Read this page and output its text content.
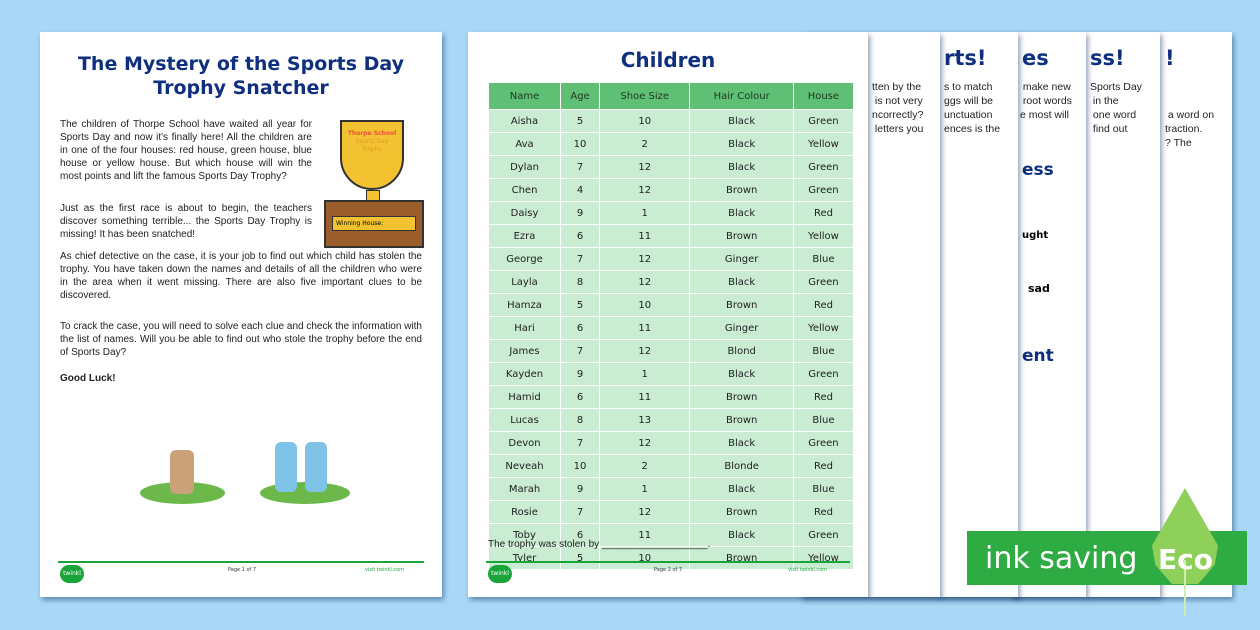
!

a word on
traction.
? The
ss!
Sports Day
in the
one word
find out
es
make new
root words
e most will
ess
ught
sad
ent
rts!
s to match
ggs will be
unctuation
ences is the
tten by the
is not very
ncorrectly?
letters you
The Mystery of the Sports Day
Trophy Snatcher
The children of Thorpe School have waited all year for Sports Day and now it's finally here! All the children are in one of the four houses: red house, green house, blue house or yellow house. But which house will win the most points and lift the famous Sports Day Trophy?
Just as the first race is about to begin, the teachers discover something terrible... the Sports Day Trophy is missing! It has been snatched!
As chief detective on the case, it is your job to find out which child has stolen the trophy. You have taken down the names and details of all the children who were in the area when it went missing. There are also five important clues to be discovered.
To crack the case, you will need to solve each clue and check the information with the list of names. Will you be able to find out who stole the trophy before the end of Sports Day?
Good Luck!
Thorpe School
Sports Day
Trophy
Winning House:
twinkl	Page 1 of 7	visit twinkl.com
Children
Name	Age	Shoe Size	Hair Colour	House
Aisha	5	10	Black	Green
Ava	10	2	Black	Yellow
Dylan	7	12	Black	Green
Chen	4	12	Brown	Green
Daisy	9	1	Black	Red
Ezra	6	11	Brown	Yellow
George	7	12	Ginger	Blue
Layla	8	12	Black	Green
Hamza	5	10	Brown	Red
Hari	6	11	Ginger	Yellow
James	7	12	Blond	Blue
Kayden	9	1	Black	Green
Hamid	6	11	Brown	Red
Lucas	8	13	Brown	Blue
Devon	7	12	Black	Green
Neveah	10	2	Blonde	Red
Marah	9	1	Black	Blue
Rosie	7	12	Brown	Red
Toby	6	11	Black	Green
Tyler	5	10	Brown	Yellow
The trophy was stolen by ___________________.
twinkl	Page 2 of 7	visit twinkl.com	ink saving Eco
